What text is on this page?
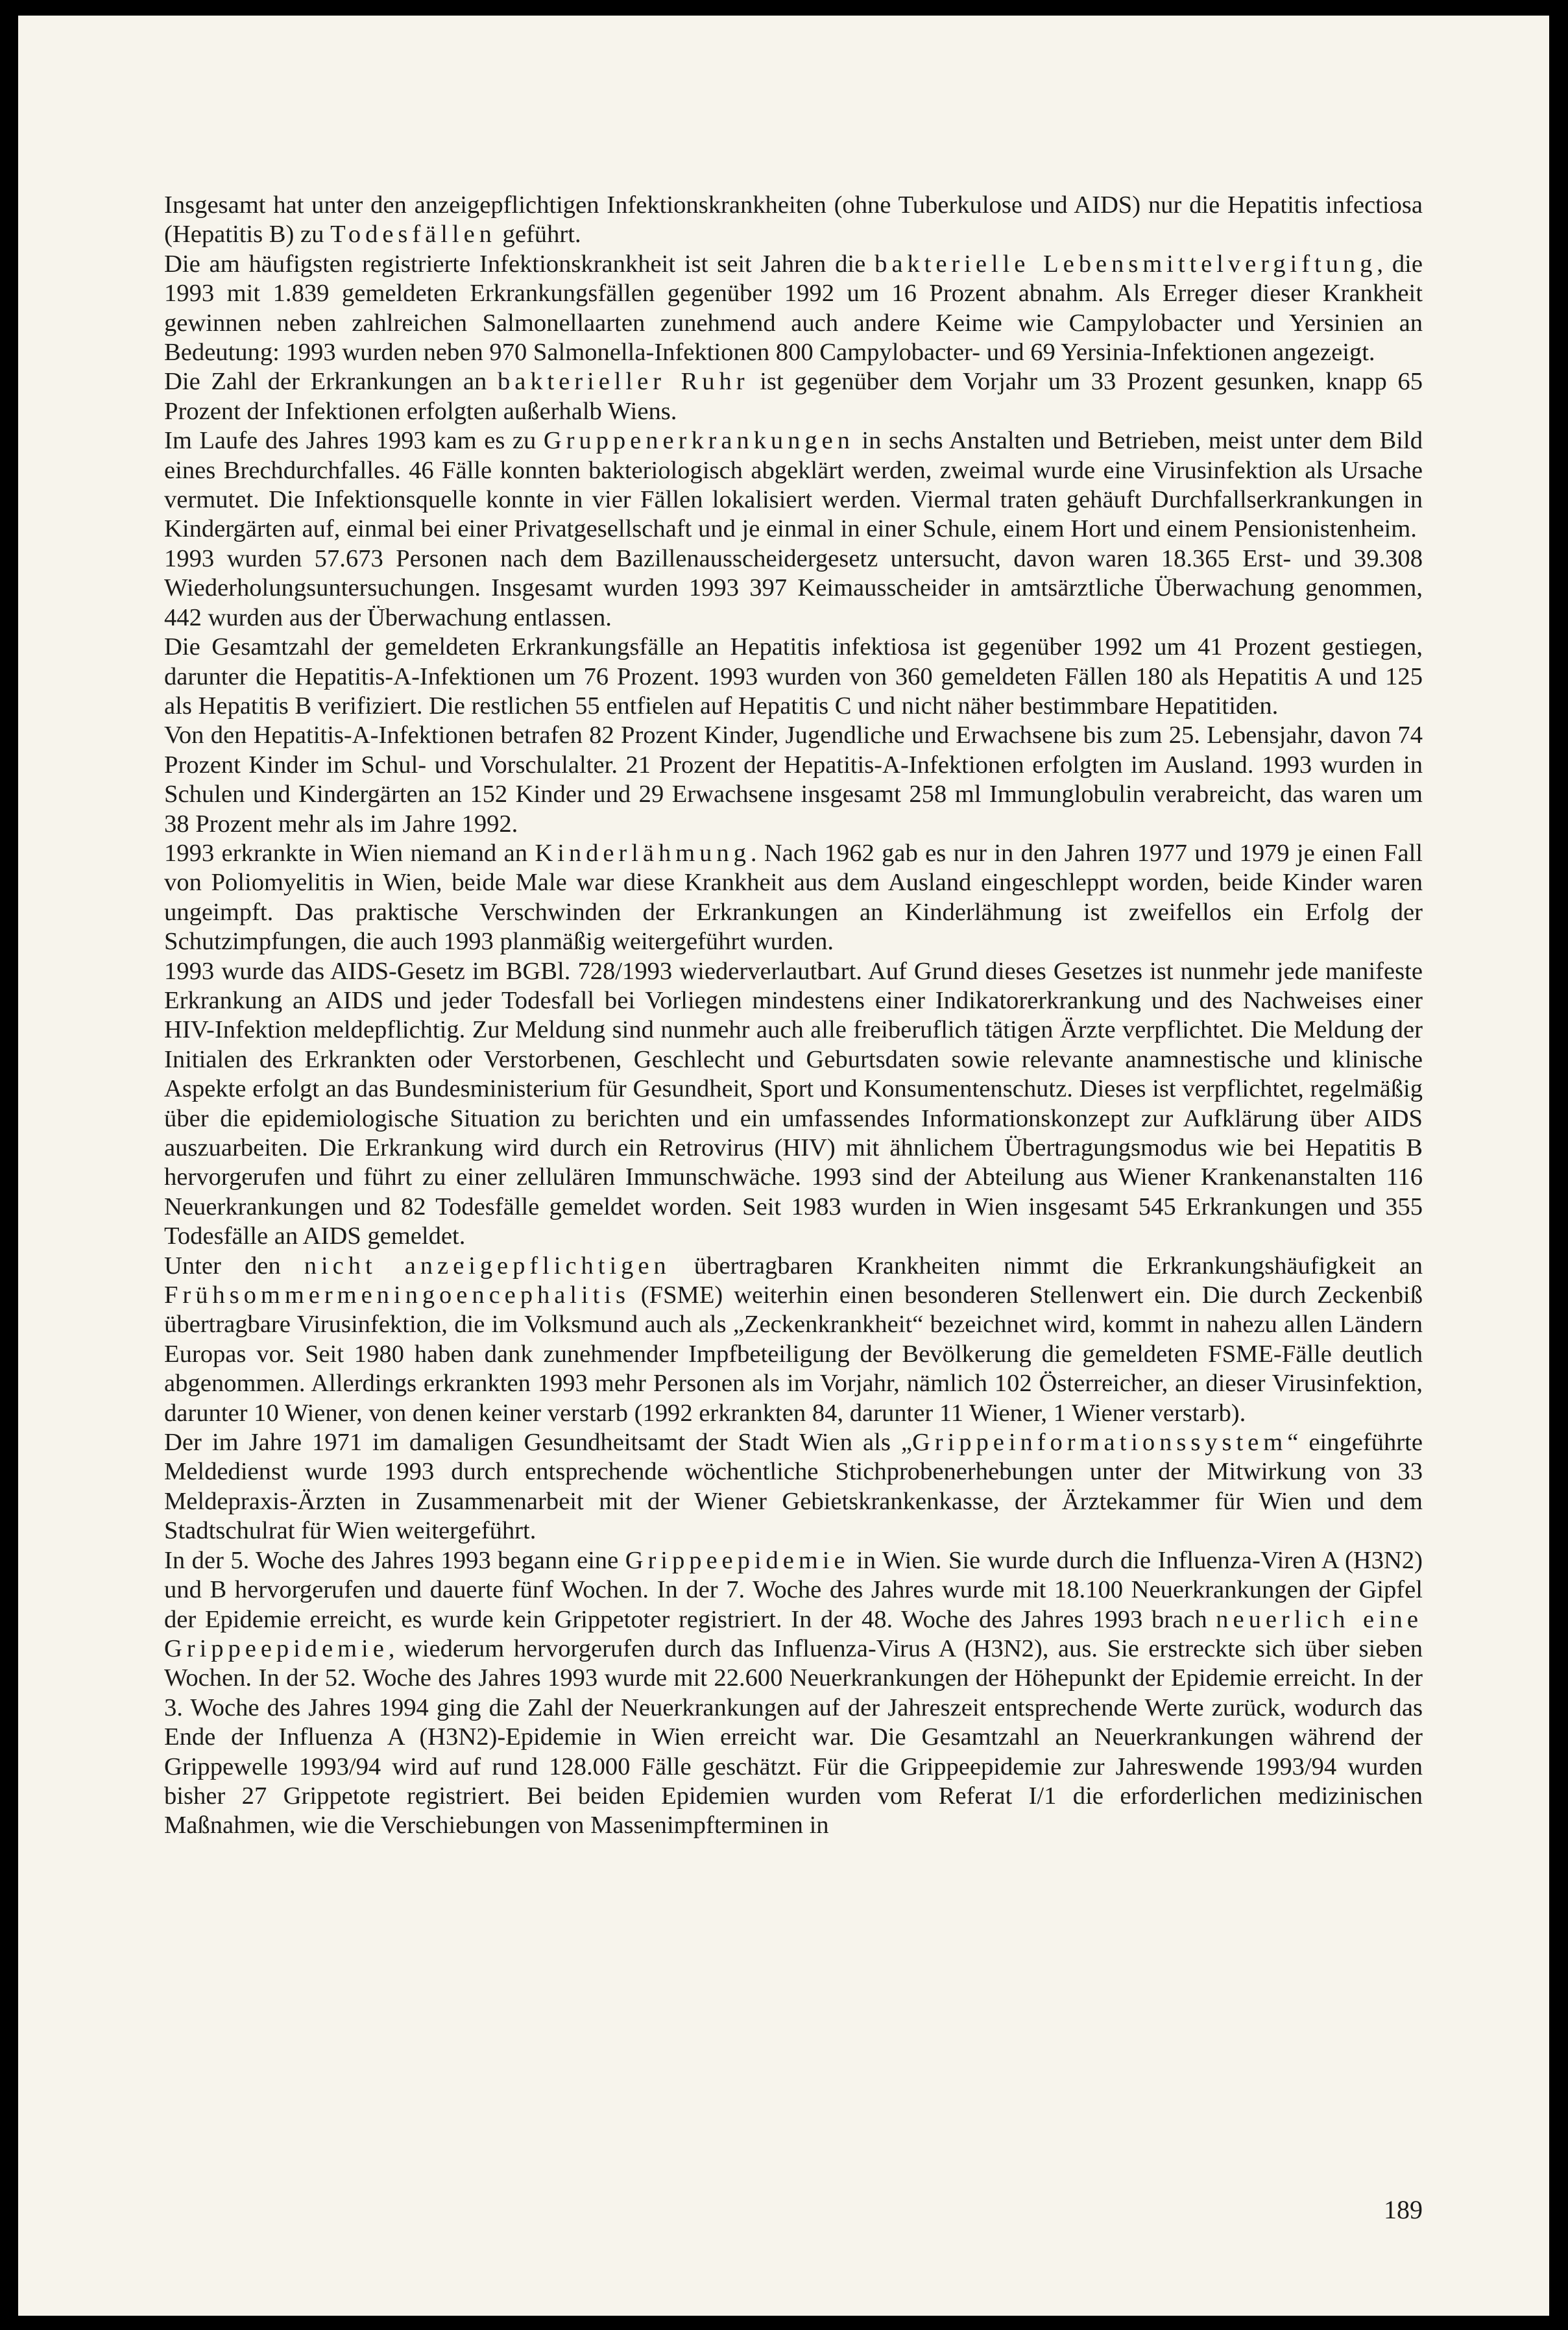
Insgesamt hat unter den anzeigepflichtigen Infektionskrankheiten (ohne Tuberkulose und AIDS) nur die Hepatitis infectiosa (Hepatitis B) zu Todesfällen geführt.

Die am häufigsten registrierte Infektionskrankheit ist seit Jahren die bakterielle Lebensmittelvergiftung, die 1993 mit 1.839 gemeldeten Erkrankungsfällen gegenüber 1992 um 16 Prozent abnahm. Als Erreger dieser Krankheit gewinnen neben zahlreichen Salmonellaarten zunehmend auch andere Keime wie Campylobacter und Yersinien an Bedeutung: 1993 wurden neben 970 Salmonella-Infektionen 800 Campylobacter- und 69 Yersinia-Infektionen angezeigt.

Die Zahl der Erkrankungen an bakterieller Ruhr ist gegenüber dem Vorjahr um 33 Prozent gesunken, knapp 65 Prozent der Infektionen erfolgten außerhalb Wiens.

Im Laufe des Jahres 1993 kam es zu Gruppenerkrankungen in sechs Anstalten und Betrieben, meist unter dem Bild eines Brechdurchfalles. 46 Fälle konnten bakteriologisch abgeklärt werden, zweimal wurde eine Virusinfektion als Ursache vermutet. Die Infektionsquelle konnte in vier Fällen lokalisiert werden. Viermal traten gehäuft Durchfallserkrankungen in Kindergärten auf, einmal bei einer Privatgesellschaft und je einmal in einer Schule, einem Hort und einem Pensionistenheim.

1993 wurden 57.673 Personen nach dem Bazillenausscheidergesetz untersucht, davon waren 18.365 Erst- und 39.308 Wiederholungsuntersuchungen. Insgesamt wurden 1993 397 Keimausscheider in amtsärztliche Überwachung genommen, 442 wurden aus der Überwachung entlassen.

Die Gesamtzahl der gemeldeten Erkrankungsfälle an Hepatitis infektiosa ist gegenüber 1992 um 41 Prozent gestiegen, darunter die Hepatitis-A-Infektionen um 76 Prozent. 1993 wurden von 360 gemeldeten Fällen 180 als Hepatitis A und 125 als Hepatitis B verifiziert. Die restlichen 55 entfielen auf Hepatitis C und nicht näher bestimmbare Hepatitiden.

Von den Hepatitis-A-Infektionen betrafen 82 Prozent Kinder, Jugendliche und Erwachsene bis zum 25. Lebensjahr, davon 74 Prozent Kinder im Schul- und Vorschulalter. 21 Prozent der Hepatitis-A-Infektionen erfolgten im Ausland. 1993 wurden in Schulen und Kindergärten an 152 Kinder und 29 Erwachsene insgesamt 258 ml Immunglobulin verabreicht, das waren um 38 Prozent mehr als im Jahre 1992.

1993 erkrankte in Wien niemand an Kinderlähmung. Nach 1962 gab es nur in den Jahren 1977 und 1979 je einen Fall von Poliomyelitis in Wien, beide Male war diese Krankheit aus dem Ausland eingeschleppt worden, beide Kinder waren ungeimpft. Das praktische Verschwinden der Erkrankungen an Kinderlähmung ist zweifellos ein Erfolg der Schutzimpfungen, die auch 1993 planmäßig weitergeführt wurden.

1993 wurde das AIDS-Gesetz im BGBl. 728/1993 wiederverlautbart. Auf Grund dieses Gesetzes ist nunmehr jede manifeste Erkrankung an AIDS und jeder Todesfall bei Vorliegen mindestens einer Indikatorerkrankung und des Nachweises einer HIV-Infektion meldepflichtig. Zur Meldung sind nunmehr auch alle freiberuflich tätigen Ärzte verpflichtet. Die Meldung der Initialen des Erkrankten oder Verstorbenen, Geschlecht und Geburtsdaten sowie relevante anamnestische und klinische Aspekte erfolgt an das Bundesministerium für Gesundheit, Sport und Konsumentenschutz. Dieses ist verpflichtet, regelmäßig über die epidemiologische Situation zu berichten und ein umfassendes Informationskonzept zur Aufklärung über AIDS auszuarbeiten. Die Erkrankung wird durch ein Retrovirus (HIV) mit ähnlichem Übertragungsmodus wie bei Hepatitis B hervorgerufen und führt zu einer zellulären Immunschwäche. 1993 sind der Abteilung aus Wiener Krankenanstalten 116 Neuerkrankungen und 82 Todesfälle gemeldet worden. Seit 1983 wurden in Wien insgesamt 545 Erkrankungen und 355 Todesfälle an AIDS gemeldet.

Unter den nicht anzeigepflichtigen übertragbaren Krankheiten nimmt die Erkrankungshäufigkeit an Frühsommermeningoencephalitis (FSME) weiterhin einen besonderen Stellenwert ein. Die durch Zeckenbiß übertragbare Virusinfektion, die im Volksmund auch als „Zeckenkrankheit“ bezeichnet wird, kommt in nahezu allen Ländern Europas vor. Seit 1980 haben dank zunehmender Impfbeteiligung der Bevölkerung die gemeldeten FSME-Fälle deutlich abgenommen. Allerdings erkrankten 1993 mehr Personen als im Vorjahr, nämlich 102 Österreicher, an dieser Virusinfektion, darunter 10 Wiener, von denen keiner verstarb (1992 erkrankten 84, darunter 11 Wiener, 1 Wiener verstarb).

Der im Jahre 1971 im damaligen Gesundheitsamt der Stadt Wien als „Grippeinformationssystem“ eingeführte Meldedienst wurde 1993 durch entsprechende wöchentliche Stichprobenerhebungen unter der Mitwirkung von 33 Meldepraxis-Ärzten in Zusammenarbeit mit der Wiener Gebietskrankenkasse, der Ärztekammer für Wien und dem Stadtschulrat für Wien weitergeführt.

In der 5. Woche des Jahres 1993 begann eine Grippeepidemie in Wien. Sie wurde durch die Influenza-Viren A (H3N2) und B hervorgerufen und dauerte fünf Wochen. In der 7. Woche des Jahres wurde mit 18.100 Neuerkrankungen der Gipfel der Epidemie erreicht, es wurde kein Grippetoter registriert. In der 48. Woche des Jahres 1993 brach neuerlich eine Grippeepidemie, wiederum hervorgerufen durch das Influenza-Virus A (H3N2), aus. Sie erstreckte sich über sieben Wochen. In der 52. Woche des Jahres 1993 wurde mit 22.600 Neuerkrankungen der Höhepunkt der Epidemie erreicht. In der 3. Woche des Jahres 1994 ging die Zahl der Neuerkrankungen auf der Jahreszeit entsprechende Werte zurück, wodurch das Ende der Influenza A (H3N2)-Epidemie in Wien erreicht war. Die Gesamtzahl an Neuerkrankungen während der Grippewelle 1993/94 wird auf rund 128.000 Fälle geschätzt. Für die Grippeepidemie zur Jahreswende 1993/94 wurden bisher 27 Grippetote registriert. Bei beiden Epidemien wurden vom Referat I/1 die erforderlichen medizinischen Maßnahmen, wie die Verschiebungen von Massenimpfterminen in

189
